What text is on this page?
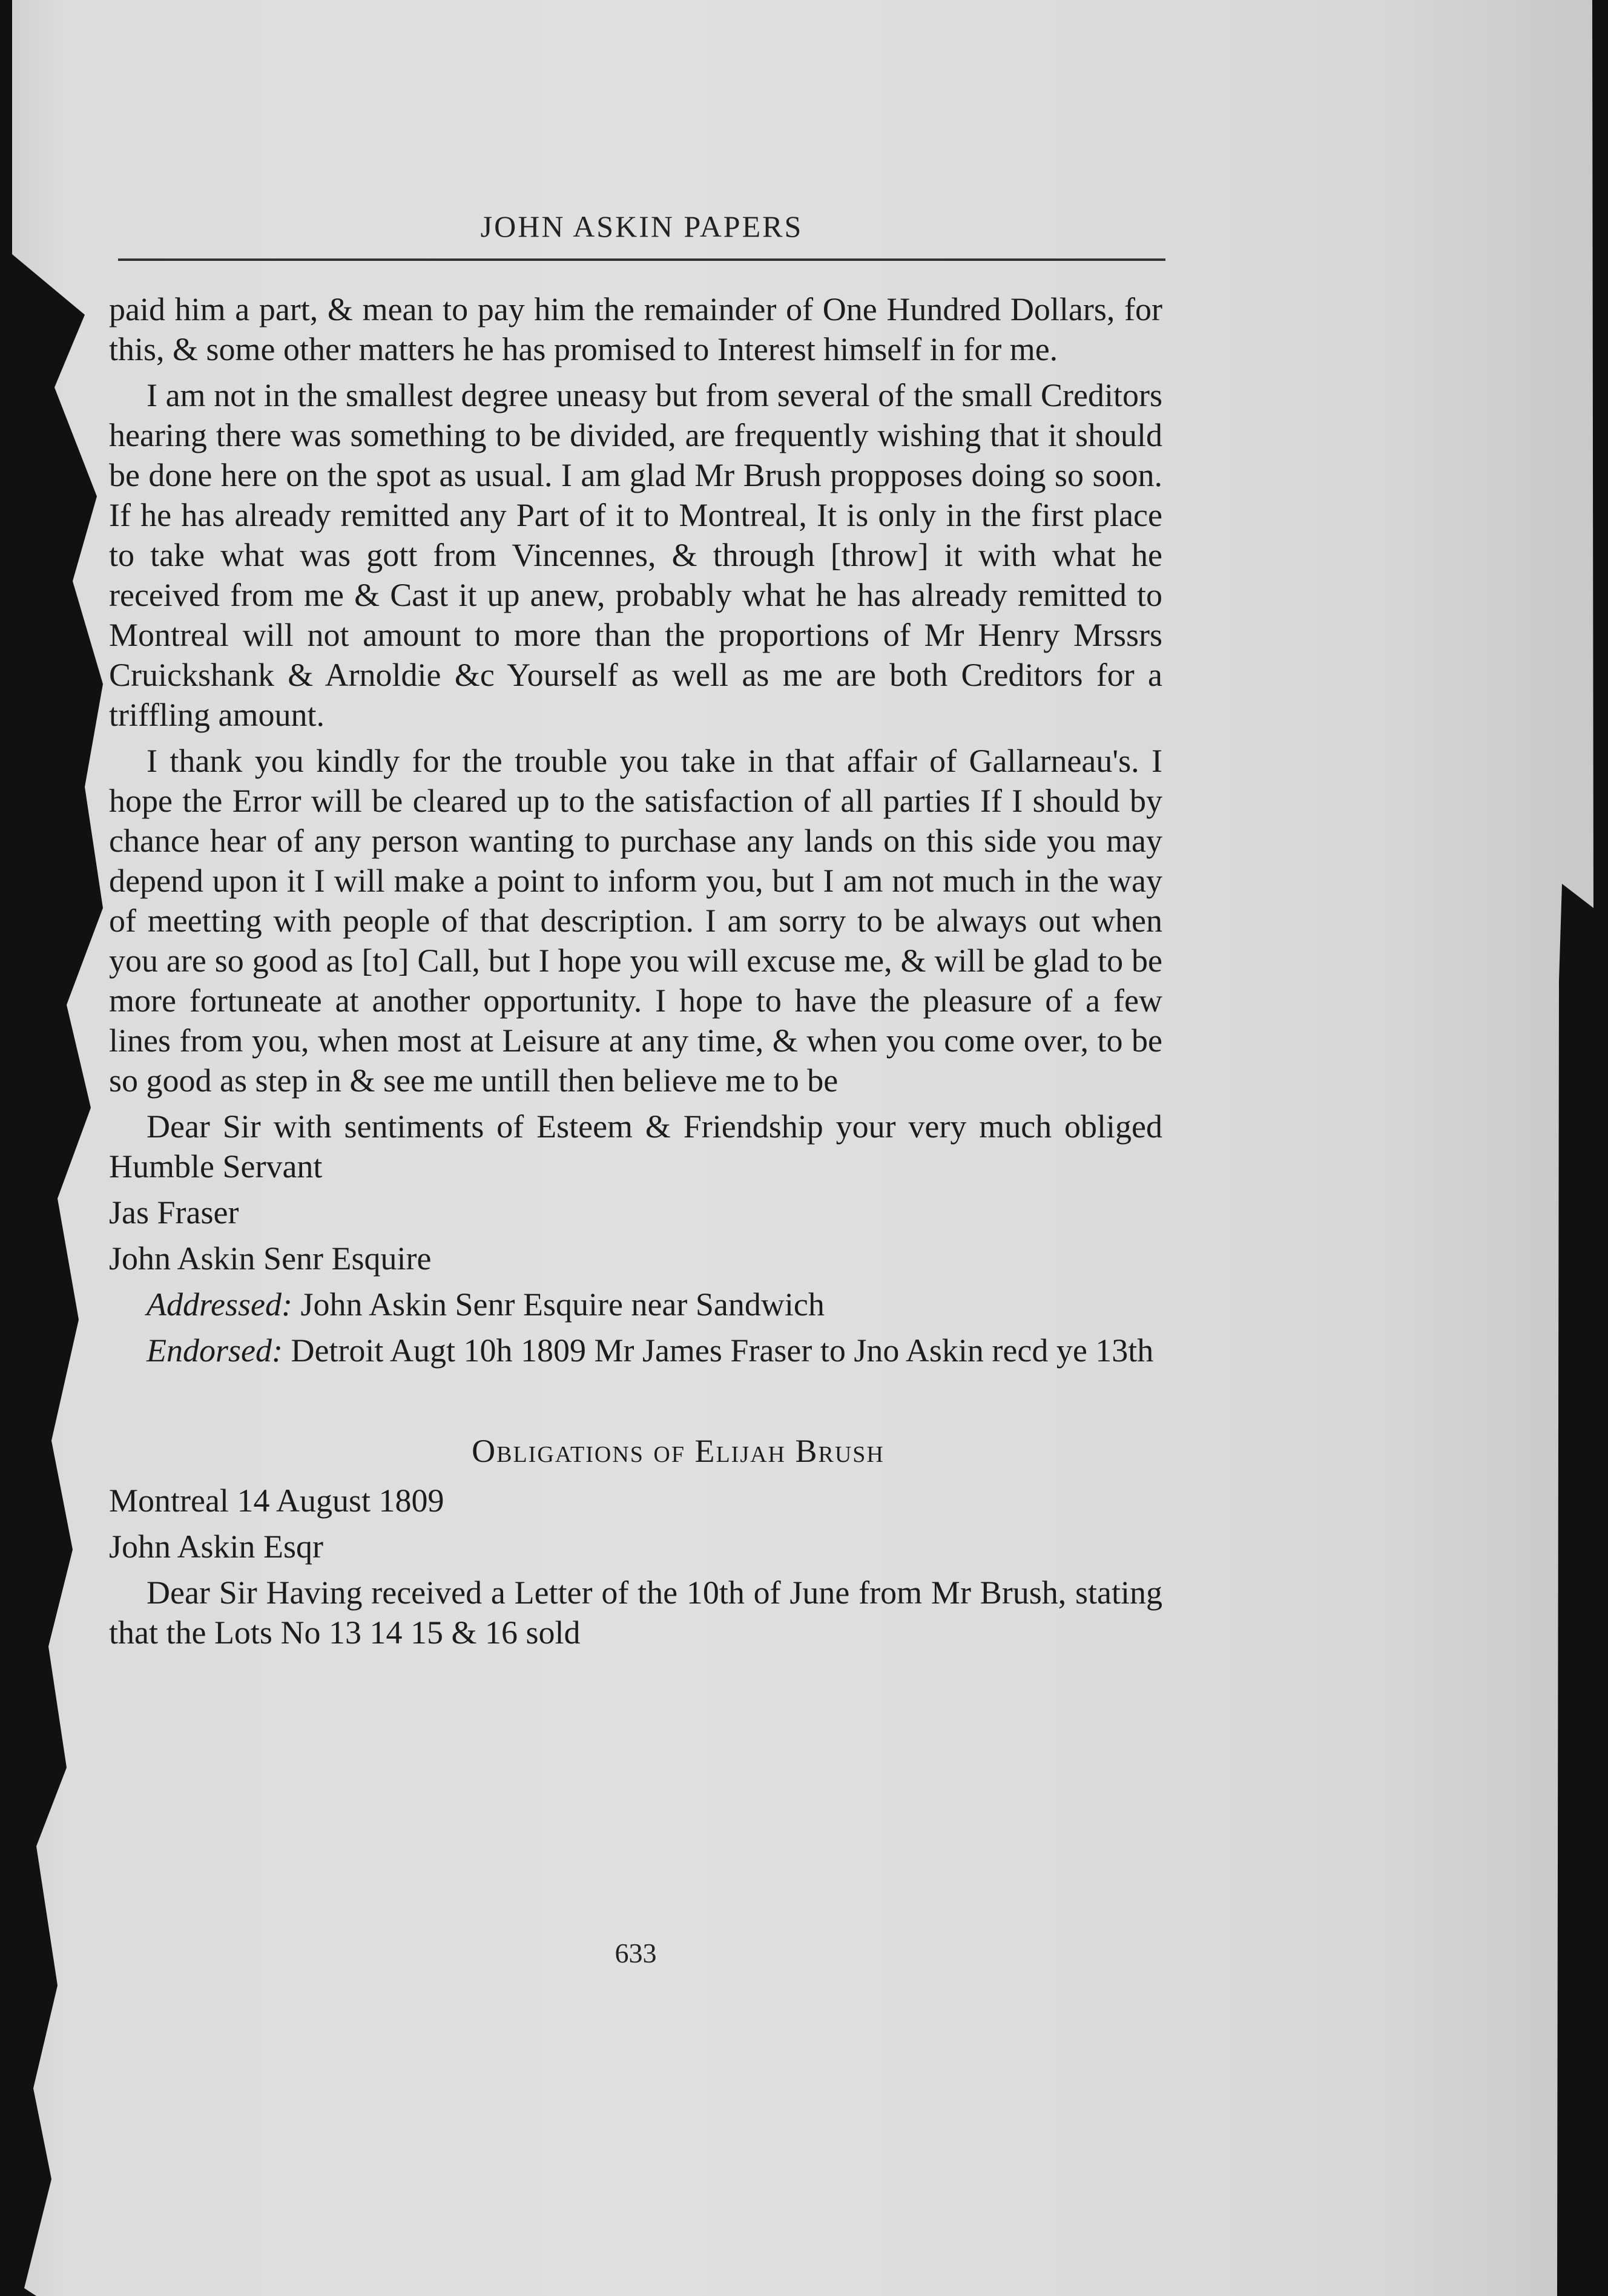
JOHN ASKIN PAPERS

paid him a part, & mean to pay him the remainder of One Hundred Dollars, for this, & some other matters he has promised to Interest himself in for me.

I am not in the smallest degree uneasy but from several of the small Creditors hearing there was something to be divided, are frequently wishing that it should be done here on the spot as usual. I am glad Mr Brush propposes doing so soon. If he has already remitted any Part of it to Montreal, It is only in the first place to take what was gott from Vincennes, & through [throw] it with what he received from me & Cast it up anew, probably what he has already remitted to Montreal will not amount to more than the proportions of Mr Henry Mrssrs Cruickshank & Arnoldie &c Yourself as well as me are both Creditors for a triffling amount.

I thank you kindly for the trouble you take in that affair of Gallarneau's. I hope the Error will be cleared up to the satisfaction of all parties If I should by chance hear of any person wanting to purchase any lands on this side you may depend upon it I will make a point to inform you, but I am not much in the way of meetting with people of that description. I am sorry to be always out when you are so good as [to] Call, but I hope you will excuse me, & will be glad to be more fortuneate at another opportunity. I hope to have the pleasure of a few lines from you, when most at Leisure at any time, & when you come over, to be so good as step in & see me untill then believe me to be

Dear Sir with sentiments of Esteem & Friendship your very much obliged Humble Servant

Jas Fraser

John Askin Senr Esquire

Addressed: John Askin Senr Esquire near Sandwich

Endorsed: Detroit Augt 10h 1809 Mr James Fraser to Jno Askin recd ye 13th

Obligations of Elijah Brush

Montreal 14 August 1809

John Askin Esqr

Dear Sir Having received a Letter of the 10th of June from Mr Brush, stating that the Lots No 13 14 15 & 16 sold

633
